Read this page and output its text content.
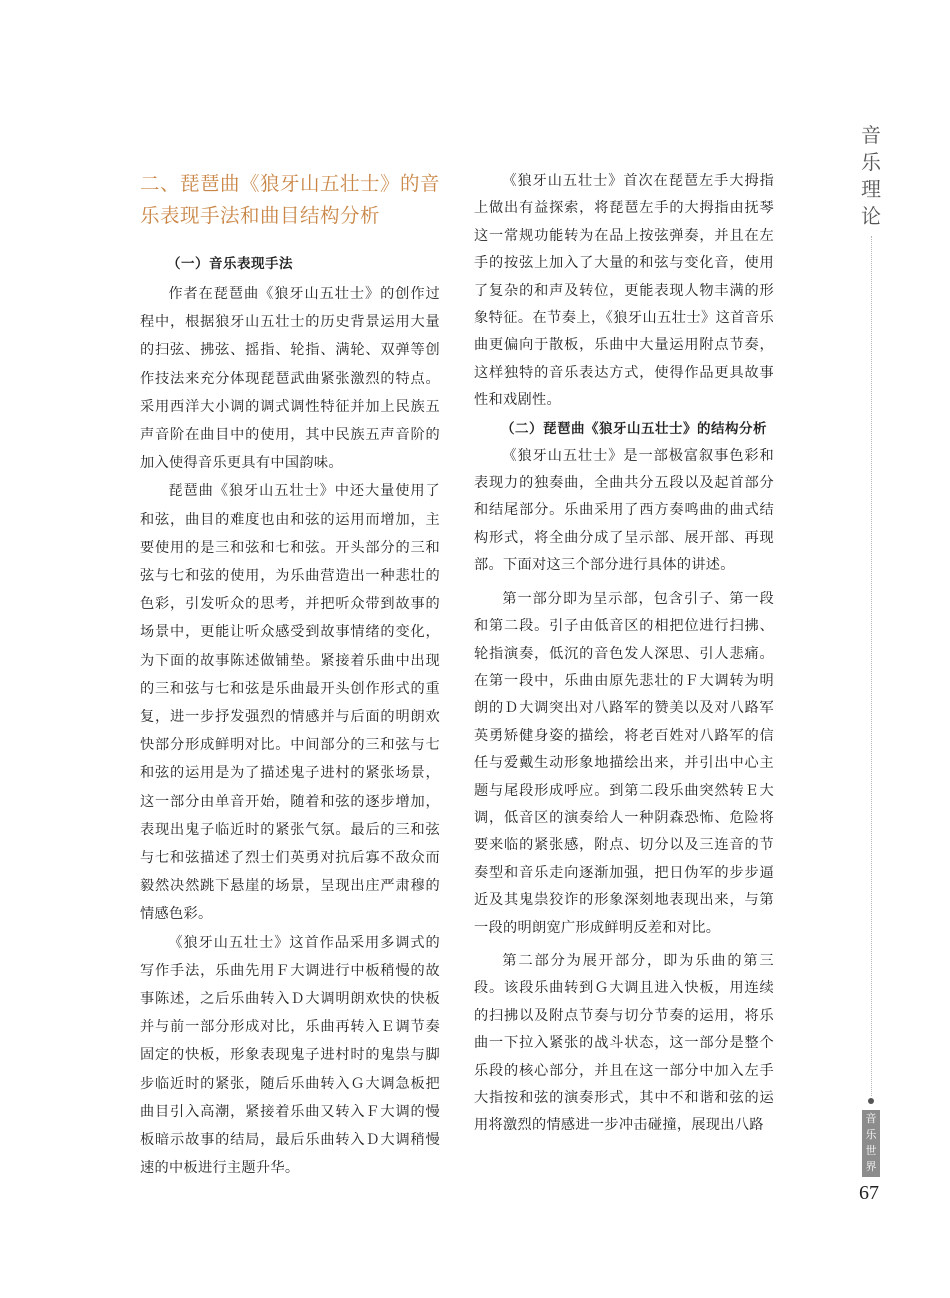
二、琵琶曲《狼牙山五壮士》的音乐表现手法和曲目结构分析
（一）音乐表现手法

作者在琵琶曲《狼牙山五壮士》的创作过程中，根据狼牙山五壮士的历史背景运用大量的扫弦、拂弦、摇指、轮指、满轮、双弹等创作技法来充分体现琵琶武曲紧张激烈的特点。采用西洋大小调的调式调性特征并加上民族五声音阶在曲目中的使用，其中民族五声音阶的加入使得音乐更具有中国韵味。

琵琶曲《狼牙山五壮士》中还大量使用了和弦，曲目的难度也由和弦的运用而增加，主要使用的是三和弦和七和弦。开头部分的三和弦与七和弦的使用，为乐曲营造出一种悲壮的色彩，引发听众的思考，并把听众带到故事的场景中，更能让听众感受到故事情绪的变化，为下面的故事陈述做铺垫。紧接着乐曲中出现的三和弦与七和弦是乐曲最开头创作形式的重复，进一步抒发强烈的情感并与后面的明朗欢快部分形成鲜明对比。中间部分的三和弦与七和弦的运用是为了描述鬼子进村的紧张场景，这一部分由单音开始，随着和弦的逐步增加，表现出鬼子临近时的紧张气氛。最后的三和弦与七和弦描述了烈士们英勇对抗后寡不敌众而毅然决然跳下悬崖的场景，呈现出庄严肃穆的情感色彩。

《狼牙山五壮士》这首作品采用多调式的写作手法，乐曲先用Ｆ大调进行中板稍慢的故事陈述，之后乐曲转入Ｄ大调明朗欢快的快板并与前一部分形成对比，乐曲再转入Ｅ调节奏固定的快板，形象表现鬼子进村时的鬼祟与脚步临近时的紧张，随后乐曲转入Ｇ大调急板把曲目引入高潮，紧接着乐曲又转入Ｆ大调的慢板暗示故事的结局，最后乐曲转入Ｄ大调稍慢速的中板进行主题升华。

《狼牙山五壮士》首次在琵琶左手大拇指上做出有益探索，将琵琶左手的大拇指由抚琴这一常规功能转为在品上按弦弹奏，并且在左手的按弦上加入了大量的和弦与变化音，使用了复杂的和声及转位，更能表现人物丰满的形象特征。在节奏上，《狼牙山五壮士》这首音乐曲更偏向于散板，乐曲中大量运用附点节奏，这样独特的音乐表达方式，使得作品更具故事性和戏剧性。

（二）琵琶曲《狼牙山五壮士》的结构分析

《狼牙山五壮士》是一部极富叙事色彩和表现力的独奏曲，全曲共分五段以及起首部分和结尾部分。乐曲采用了西方奏鸣曲的曲式结构形式，将全曲分成了呈示部、展开部、再现部。下面对这三个部分进行具体的讲述。

第一部分即为呈示部，包含引子、第一段和第二段。引子由低音区的相把位进行扫拂、轮指演奏，低沉的音色发人深思、引人悲痛。在第一段中，乐曲由原先悲壮的Ｆ大调转为明朗的Ｄ大调突出对八路军的赞美以及对八路军英勇矫健身姿的描绘，将老百姓对八路军的信任与爱戴生动形象地描绘出来，并引出中心主题与尾段形成呼应。到第二段乐曲突然转Ｅ大调，低音区的演奏给人一种阴森恐怖、危险将要来临的紧张感，附点、切分以及三连音的节奏型和音乐走向逐渐加强，把日伪军的步步逼近及其鬼祟狡诈的形象深刻地表现出来，与第一段的明朗宽广形成鲜明反差和对比。

第二部分为展开部分，即为乐曲的第三段。该段乐曲转到Ｇ大调且进入快板，用连续的扫拂以及附点节奏与切分节奏的运用，将乐曲一下拉入紧张的战斗状态，这一部分是整个乐段的核心部分，并且在这一部分中加入左手大指按和弦的演奏形式，其中不和谐和弦的运用将激烈的情感进一步冲击碰撞，展现出八路

音
乐
理
论
音
乐
世
界
67
